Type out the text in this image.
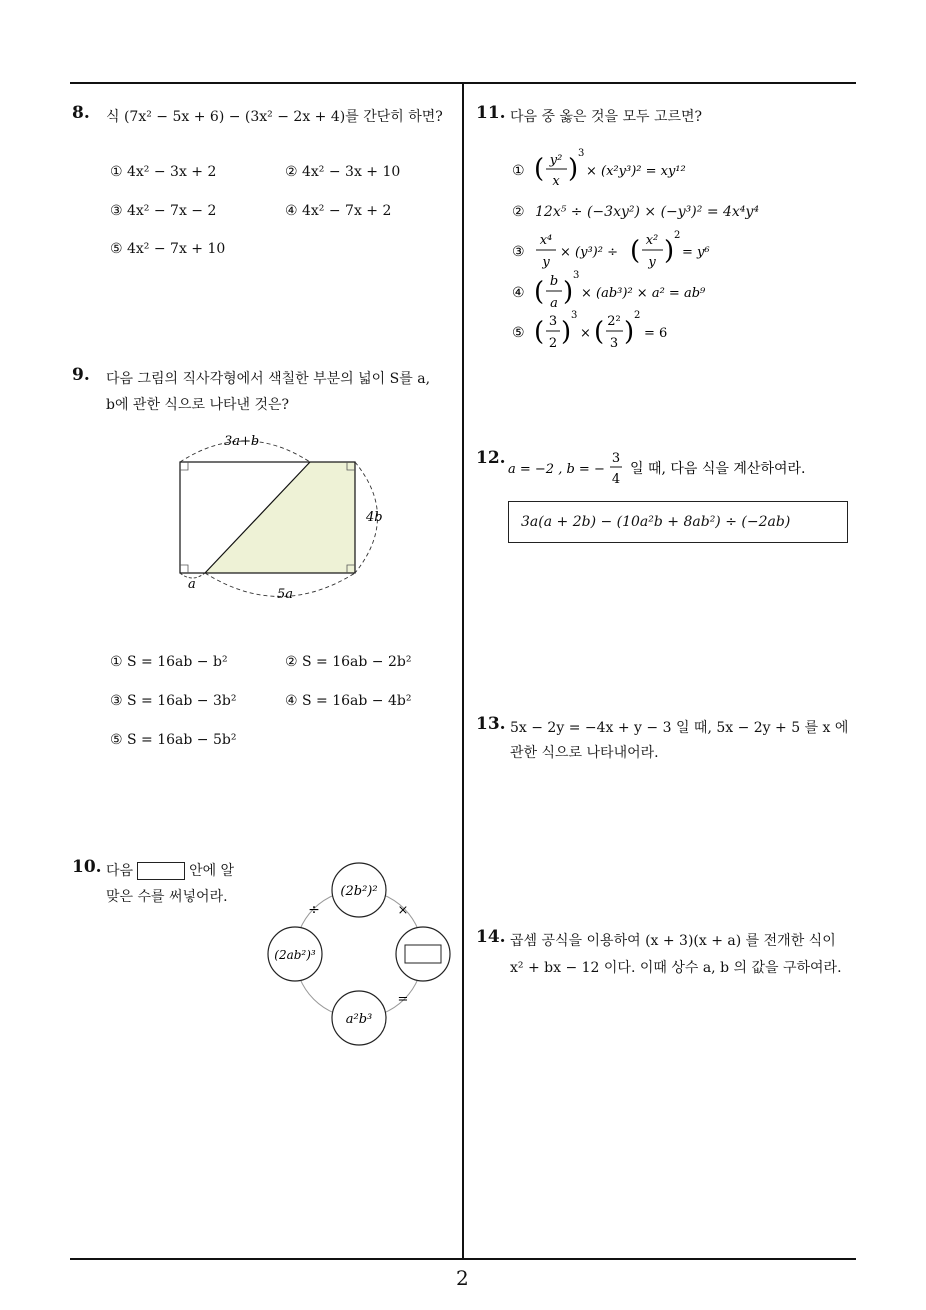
2
8. 식 (7x² − 5x + 6) − (3x² − 2x + 4)를 간단히 하면?
① 4x² − 3x + 2	② 4x² − 3x + 10
③ 4x² − 7x − 2	④ 4x² − 7x + 2
⑤ 4x² − 7x + 10
9. 다음 그림의 직사각형에서 색칠한 부분의 넓이 S를 a,
b에 관한 식으로 나타낸 것은?
3a+b
4b
a
5a
① S = 16ab − b²	② S = 16ab − 2b²
③ S = 16ab − 3b²	④ S = 16ab − 4b²
⑤ S = 16ab − 5b²
10. 다음	안에 알
맞은 수를 써넣어라.	(2b²)²
(2ab²)³
a²b³
÷	×
=
11. 다음 중 옳은 것을 모두 고르면?
① ( y²
x )
3
× (x²y³)² = xy¹²
② 12x⁵ ÷ (−3xy²) × (−y³)² = 4x⁴y⁴
③
x⁴
y
× (y³)² ÷ ( x²
y )
2
= y⁶
④ ( b
a )
3
× (ab³)² × a² = ab⁹
⑤ ( 3
2 )
3
× ( 2²
3 )
2
= 6
12.
a = −2 , b = −
3
4
일 때, 다음 식을 계산하여라.
3a(a + 2b) − (10a²b + 8ab²) ÷ (−2ab)
13. 5x − 2y = −4x + y − 3 일 때, 5x − 2y + 5 를 x 에
관한 식으로 나타내어라.
14. 곱셈 공식을 이용하여 (x + 3)(x + a) 를 전개한 식이
x² + bx − 12 이다. 이때 상수 a, b 의 값을 구하여라.
